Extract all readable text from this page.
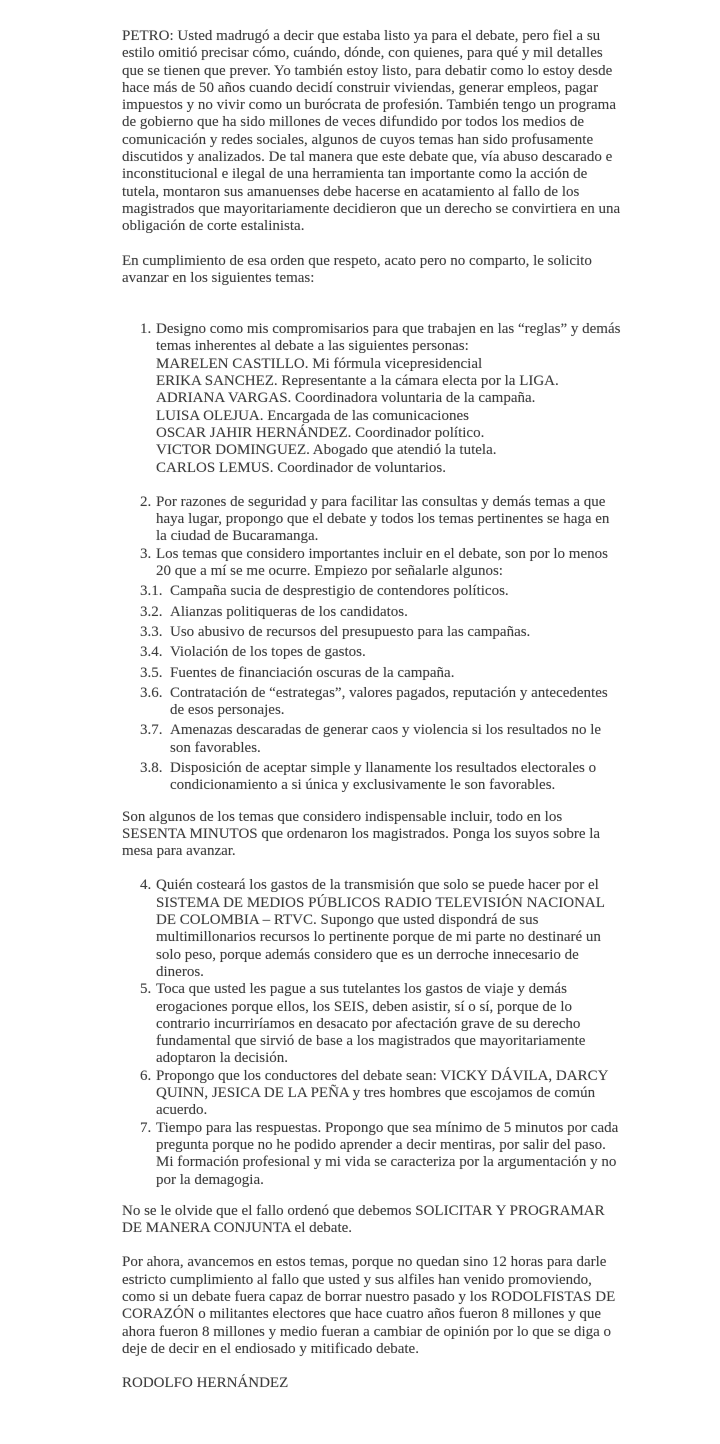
PETRO: Usted madrugó a decir que estaba listo ya para el debate, pero fiel a su estilo omitió precisar cómo, cuándo, dónde, con quienes, para qué y mil detalles que se tienen que prever. Yo también estoy listo, para debatir como lo estoy desde hace más de 50 años cuando decidí construir viviendas, generar empleos, pagar impuestos y no vivir como un burócrata de profesión. También tengo un programa de gobierno que ha sido millones de veces difundido por todos los medios de comunicación y redes sociales, algunos de cuyos temas han sido profusamente discutidos y analizados. De tal manera que este debate que, vía abuso descarado e inconstitucional e ilegal de una herramienta tan importante como la acción de tutela, montaron sus amanuenses debe hacerse en acatamiento al fallo de los magistrados que mayoritariamente decidieron que un derecho se convirtiera en una obligación de corte estalinista.

En cumplimiento de esa orden que respeto, acato pero no comparto, le solicito avanzar en los siguientes temas:

1. Designo como mis compromisarios para que trabajen en las “reglas” y demás temas inherentes al debate a las siguientes personas:
MARELEN CASTILLO. Mi fórmula vicepresidencial
ERIKA SANCHEZ. Representante a la cámara electa por la LIGA.
ADRIANA VARGAS. Coordinadora voluntaria de la campaña.
LUISA OLEJUA. Encargada de las comunicaciones
OSCAR JAHIR HERNÁNDEZ. Coordinador político.
VICTOR DOMINGUEZ. Abogado que atendió la tutela.
CARLOS LEMUS. Coordinador de voluntarios.
2. Por razones de seguridad y para facilitar las consultas y demás temas a que haya lugar, propongo que el debate y todos los temas pertinentes se haga en la ciudad de Bucaramanga.
3. Los temas que considero importantes incluir en el debate, son por lo menos 20 que a mí se me ocurre. Empiezo por señalarle algunos:
3.1. Campaña sucia de desprestigio de contendores políticos.
3.2. Alianzas politiqueras de los candidatos.
3.3. Uso abusivo de recursos del presupuesto para las campañas.
3.4. Violación de los topes de gastos.
3.5. Fuentes de financiación oscuras de la campaña.
3.6. Contratación de “estrategas”, valores pagados, reputación y antecedentes de esos personajes.
3.7. Amenazas descaradas de generar caos y violencia si los resultados no le son favorables.
3.8. Disposición de aceptar simple y llanamente los resultados electorales o condicionamiento a si única y exclusivamente le son favorables.

Son algunos de los temas que considero indispensable incluir, todo en los SESENTA MINUTOS que ordenaron los magistrados. Ponga los suyos sobre la mesa para avanzar.

4. Quién costeará los gastos de la transmisión que solo se puede hacer por el SISTEMA DE MEDIOS PÚBLICOS RADIO TELEVISIÓN NACIONAL DE COLOMBIA – RTVC. Supongo que usted dispondrá de sus multimillonarios recursos lo pertinente porque de mi parte no destinaré un solo peso, porque además considero que es un derroche innecesario de dineros.
5. Toca que usted les pague a sus tutelantes los gastos de viaje y demás erogaciones porque ellos, los SEIS, deben asistir, sí o sí, porque de lo contrario incurriríamos en desacato por afectación grave de su derecho fundamental que sirvió de base a los magistrados que mayoritariamente adoptaron la decisión.
6. Propongo que los conductores del debate sean: VICKY DÁVILA, DARCY QUINN, JESICA DE LA PEÑA y tres hombres que escojamos de común acuerdo.
7. Tiempo para las respuestas. Propongo que sea mínimo de 5 minutos por cada pregunta porque no he podido aprender a decir mentiras, por salir del paso. Mi formación profesional y mi vida se caracteriza por la argumentación y no por la demagogia.

No se le olvide que el fallo ordenó que debemos SOLICITAR Y PROGRAMAR DE MANERA CONJUNTA el debate.

Por ahora, avancemos en estos temas, porque no quedan sino 12 horas para darle estricto cumplimiento al fallo que usted y sus alfiles han venido promoviendo, como si un debate fuera capaz de borrar nuestro pasado y los RODOLFISTAS DE CORAZÓN o militantes electores que hace cuatro años fueron 8 millones y que ahora fueron 8 millones y medio fueran a cambiar de opinión por lo que se diga o deje de decir en el endiosado y mitificado debate.

RODOLFO HERNÁNDEZ
